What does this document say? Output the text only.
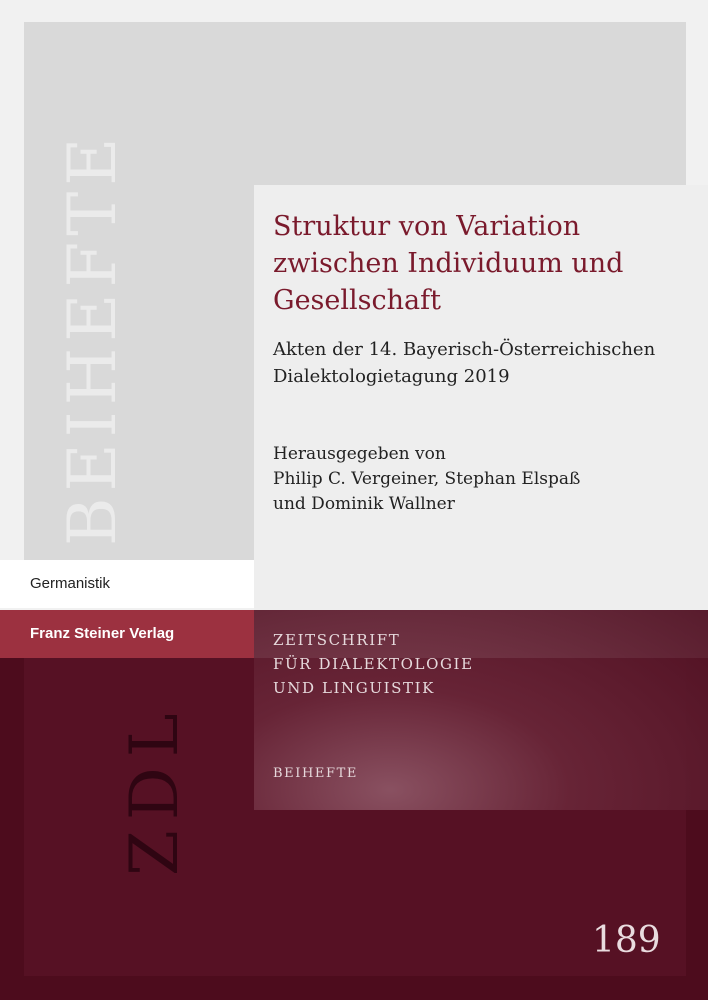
BEIHEFTE
Germanistik
Franz Steiner Verlag
ZDL
Struktur von Variation
zwischen Individuum und
Gesellschaft
Akten der 14. Bayerisch-Österreichischen
Dialektologietagung 2019
Herausgegeben von
Philip C. Vergeiner, Stephan Elspaß
und Dominik Wallner
ZEITSCHRIFT
FÜR DIALEKTOLOGIE
UND LINGUISTIK
BEIHEFTE
189
